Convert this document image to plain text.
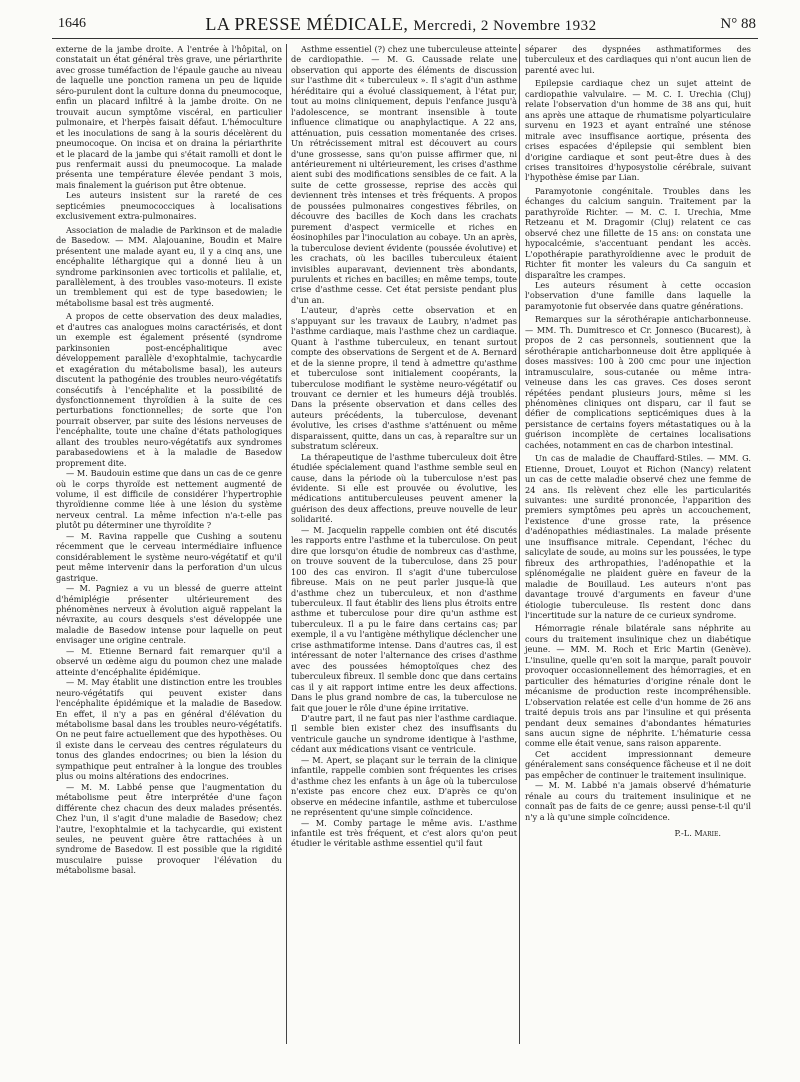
1646	LA PRESSE MÉDICALE, Mercredi, 2 Novembre 1932	N° 88

externe de la jambe droite. A l'entrée à l'hôpital, on constatait un état général très grave, une périarthrite avec grosse tuméfaction de l'épaule gauche au niveau de laquelle une ponction ramena un peu de liquide séro-purulent dont la culture donna du pneumocoque, enfin un placard infiltré à la jambe droite. On ne trouvait aucun symptôme viscéral, en particulier pulmonaire, et l'herpès faisait défaut. L'hémoculture et les inoculations de sang à la souris décelèrent du pneumocoque. On incisa et on draina la périarthrite et le placard de la jambe qui s'était ramolli et dont le pus renfermait aussi du pneumocoque. La malade présenta une température élevée pendant 3 mois, mais finalement la guérison put être obtenue.

Les auteurs insistent sur la rareté de ces septicémies pneumococciques à localisations exclusivement extra-pulmonaires.

Association de maladie de Parkinson et de maladie de Basedow. — MM. Alajouanine, Boudin et Maire présentent une malade ayant eu, il y a cinq ans, une encéphalite léthargique qui a donné lieu à un syndrome parkinsonien avec torticolis et palilalie, et, parallèlement, à des troubles vaso-moteurs. Il existe un tremblement qui est de type basedowien; le métabolisme basal est très augmenté.

A propos de cette observation des deux maladies, et d'autres cas analogues moins caractérisés, et dont un exemple est également présenté (syndrome parkinsonien post-encéphalitique avec développement parallèle d'exophtalmie, tachycardie et exagération du métabolisme basal), les auteurs discutent la pathogénie des troubles neuro-végétatifs consécutifs à l'encéphalite et la possibilité de dysfonctionnement thyroïdien à la suite de ces perturbations fonctionnelles; de sorte que l'on pourrait observer, par suite des lésions nerveuses de l'encéphalite, toute une chaîne d'états pathologiques allant des troubles neuro-végétatifs aux syndromes parabasedowiens et à la maladie de Basedow proprement dite.

— M. Baudouin estime que dans un cas de ce genre où le corps thyroïde est nettement augmenté de volume, il est difficile de considérer l'hypertrophie thyroïdienne comme liée à une lésion du système nerveux central. La même infection n'a-t-elle pas plutôt pu déterminer une thyroïdite ?

— M. Ravina rappelle que Cushing a soutenu récemment que le cerveau intermédiaire influence considérablement le système neuro-végétatif et qu'il peut même intervenir dans la perforation d'un ulcus gastrique.

— M. Pagniez a vu un blessé de guerre atteint d'hémiplégie présenter ultérieurement des phénomènes nerveux à évolution aiguë rappelant la névraxite, au cours desquels s'est développée une maladie de Basedow intense pour laquelle on peut envisager une origine centrale.

— M. Etienne Bernard fait remarquer qu'il a observé un œdème aigu du poumon chez une malade atteinte d'encéphalite épidémique.

— M. May établit une distinction entre les troubles neuro-végétatifs qui peuvent exister dans l'encéphalite épidémique et la maladie de Basedow. En effet, il n'y a pas en général d'élévation du métabolisme basal dans les troubles neuro-végétatifs. On ne peut faire actuellement que des hypothèses. Ou il existe dans le cerveau des centres régulateurs du tonus des glandes endocrines; ou bien la lésion du sympathique peut entraîner à la longue des troubles plus ou moins altérations des endocrines.

— M. M. Labbé pense que l'augmentation du métabolisme peut être interprétée d'une façon différente chez chacun des deux malades présentés. Chez l'un, il s'agit d'une maladie de Basedow; chez l'autre, l'exophtalmie et la tachycardie, qui existent seules, ne peuvent guère être rattachées à un syndrome de Basedow. Il est possible que la rigidité musculaire puisse provoquer l'élévation du métabolisme basal.

Asthme essentiel (?) chez une tuberculeuse atteinte de cardiopathie. — M. G. Caussade relate une observation qui apporte des éléments de discussion sur l'asthme dit « tuberculeux ». Il s'agit d'un asthme héréditaire qui a évolué classiquement, à l'état pur, tout au moins cliniquement, depuis l'enfance jusqu'à l'adolescence, se montrant insensible à toute influence climatique ou anaphylactique. A 22 ans, atténuation, puis cessation momentanée des crises. Un rétrécissement mitral est découvert au cours d'une grossesse, sans qu'on puisse affirmer que, ni antérieurement ni ultérieurement, les crises d'asthme aient subi des modifications sensibles de ce fait. A la suite de cette grossesse, reprise des accès qui deviennent très intenses et très fréquents. A propos de poussées pulmonaires congestives fébriles, on découvre des bacilles de Koch dans les crachats purement d'aspect vermicelle et riches en éosinophiles par l'inoculation au cobaye. Un an après, la tuberculose devient évidente (poussée évolutive) et les crachats, où les bacilles tuberculeux étaient invisibles auparavant, deviennent très abondants, purulents et riches en bacilles; en même temps, toute crise d'asthme cesse. Cet état persiste pendant plus d'un an.

L'auteur, d'après cette observation et en s'appuyant sur les travaux de Laubry, n'admet pas l'asthme cardiaque, mais l'asthme chez un cardiaque. Quant à l'asthme tuberculeux, en tenant surtout compte des observations de Sergent et de A. Bernard et de la sienne propre, il tend à admettre qu'asthme et tuberculose sont initialement coopérants, la tuberculose modifiant le système neuro-végétatif ou trouvant ce dernier et les humeurs déjà troublés. Dans la présente observation et dans celles des auteurs précédents, la tuberculose, devenant évolutive, les crises d'asthme s'atténuent ou même disparaissent, quitte, dans un cas, à reparaître sur un substratum scléreux.

La thérapeutique de l'asthme tuberculeux doit être étudiée spécialement quand l'asthme semble seul en cause, dans la période où la tuberculose n'est pas évidente. Si elle est prouvée ou évolutive, les médications antituberculeuses peuvent amener la guérison des deux affections, preuve nouvelle de leur solidarité.

— M. Jacquelin rappelle combien ont été discutés les rapports entre l'asthme et la tuberculose. On peut dire que lorsqu'on étudie de nombreux cas d'asthme, on trouve souvent de la tuberculose, dans 25 pour 100 des cas environ. Il s'agit d'une tuberculose fibreuse. Mais on ne peut parler jusque-là que d'asthme chez un tuberculeux, et non d'asthme tuberculeux. Il faut établir des liens plus étroits entre asthme et tuberculose pour dire qu'un asthme est tuberculeux. Il a pu le faire dans certains cas; par exemple, il a vu l'antigène méthylique déclencher une crise asthmatiforme intense. Dans d'autres cas, il est intéressant de noter l'alternance des crises d'asthme avec des poussées hémoptoïques chez des tuberculeux fibreux. Il semble donc que dans certains cas il y ait rapport intime entre les deux affections. Dans le plus grand nombre de cas, la tuberculose ne fait que jouer le rôle d'une épine irritative.

D'autre part, il ne faut pas nier l'asthme cardiaque. Il semble bien exister chez des insuffisants du ventricule gauche un syndrome identique à l'asthme, cédant aux médications visant ce ventricule.

— M. Apert, se plaçant sur le terrain de la clinique infantile, rappelle combien sont fréquentes les crises d'asthme chez les enfants à un âge où la tuberculose n'existe pas encore chez eux. D'après ce qu'on observe en médecine infantile, asthme et tuberculose ne représentent qu'une simple coïncidence.

— M. Comby partage le même avis. L'asthme infantile est très fréquent, et c'est alors qu'on peut étudier le véritable asthme essentiel qu'il faut

séparer des dyspnées asthmatiformes des tuberculeux et des cardiaques qui n'ont aucun lien de parenté avec lui.

Epilepsie cardiaque chez un sujet atteint de cardiopathie valvulaire. — M. C. I. Urechia (Cluj) relate l'observation d'un homme de 38 ans qui, huit ans après une attaque de rhumatisme polyarticulaire survenu en 1923 et ayant entraîné une sténose mitrale avec insuffisance aortique, présenta des crises espacées d'épilepsie qui semblent bien d'origine cardiaque et sont peut-être dues à des crises transitoires d'hyposystolie cérébrale, suivant l'hypothèse émise par Lian.

Paramyotonie congénitale. Troubles dans les échanges du calcium sanguin. Traitement par la parathyroïde Richter. — M. C. I. Urechia, Mme Retzeanu et M. Dragomir (Cluj) relatent ce cas observé chez une fillette de 15 ans: on constata une hypocalcémie, s'accentuant pendant les accès. L'opothérapie parathyroïdienne avec le produit de Richter fit monter les valeurs du Ca sanguin et disparaître les crampes.

Les auteurs résument à cette occasion l'observation d'une famille dans laquelle la paramyotonie fut observée dans quatre générations.

Remarques sur la sérothérapie anticharbonneuse. — MM. Th. Dumitresco et Cr. Jonnesco (Bucarest), à propos de 2 cas personnels, soutiennent que la sérothérapie anticharbonneuse doit être appliquée à doses massives: 100 à 200 cmc pour une injection intramusculaire, sous-cutanée ou même intra-veineuse dans les cas graves. Ces doses seront répétées pendant plusieurs jours, même si les phénomènes cliniques ont disparu, car il faut se défier de complications septicémiques dues à la persistance de certains foyers métastatiques ou à la guérison incomplète de certaines localisations cachées, notamment en cas de charbon intestinal.

Un cas de maladie de Chauffard-Stiles. — MM. G. Etienne, Drouet, Louyot et Richon (Nancy) relatent un cas de cette maladie observé chez une femme de 24 ans. Ils relèvent chez elle les particularités suivantes: une surdité prononcée, l'apparition des premiers symptômes peu après un accouchement, l'existence d'une grosse rate, la présence d'adénopathies médiastinales. La malade présente une insuffisance mitrale. Cependant, l'échec du salicylate de soude, au moins sur les poussées, le type fibreux des arthropathies, l'adénopathie et la splénomégalie ne plaident guère en faveur de la maladie de Bouillaud. Les auteurs n'ont pas davantage trouvé d'arguments en faveur d'une étiologie tuberculeuse. Ils restent donc dans l'incertitude sur la nature de ce curieux syndrome.

Hémorragie rénale bilatérale sans néphrite au cours du traitement insulinique chez un diabétique jeune. — MM. M. Roch et Eric Martin (Genève). L'insuline, quelle qu'en soit la marque, paraît pouvoir provoquer occasionnellement des hémorragies, et en particulier des hématuries d'origine rénale dont le mécanisme de production reste incompréhensible. L'observation relatée est celle d'un homme de 26 ans traité depuis trois ans par l'insuline et qui présenta pendant deux semaines d'abondantes hématuries sans aucun signe de néphrite. L'hématurie cessa comme elle était venue, sans raison apparente.

Cet accident impressionnant demeure généralement sans conséquence fâcheuse et il ne doit pas empêcher de continuer le traitement insulinique.

— M. M. Labbé n'a jamais observé d'hématurie rénale au cours du traitement insulinique et ne connaît pas de faits de ce genre; aussi pense-t-il qu'il n'y a là qu'une simple coïncidence.

P.-L. Marie.
